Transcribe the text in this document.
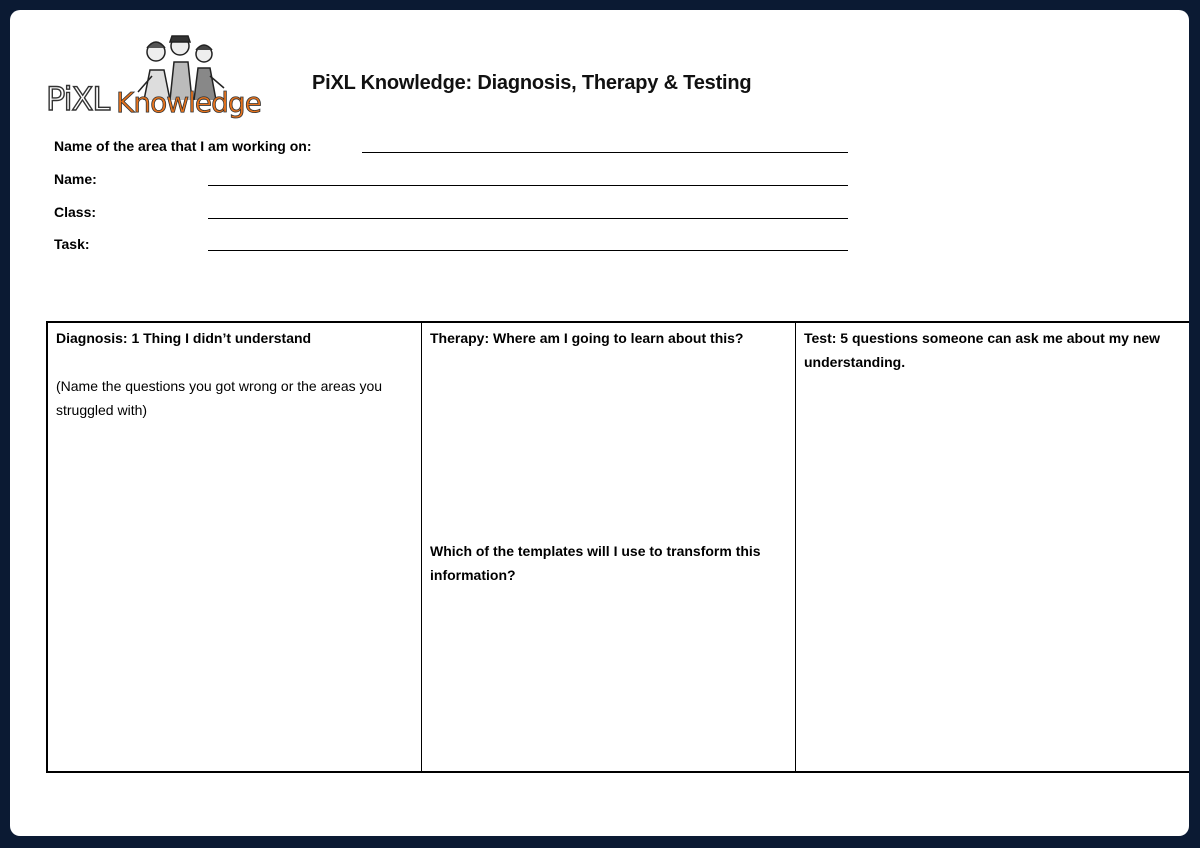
PiXL Knowledge
PiXL Knowledge: Diagnosis, Therapy & Testing
Name of the area that I am working on:
Name:
Class:
Task:
Diagnosis: 1 Thing I didn’t understand
(Name the questions you got wrong or the areas you struggled with)
Therapy: Where am I going to learn about this?
Which of the templates will I use to transform this information?
Test: 5 questions someone can ask me about my new understanding.
